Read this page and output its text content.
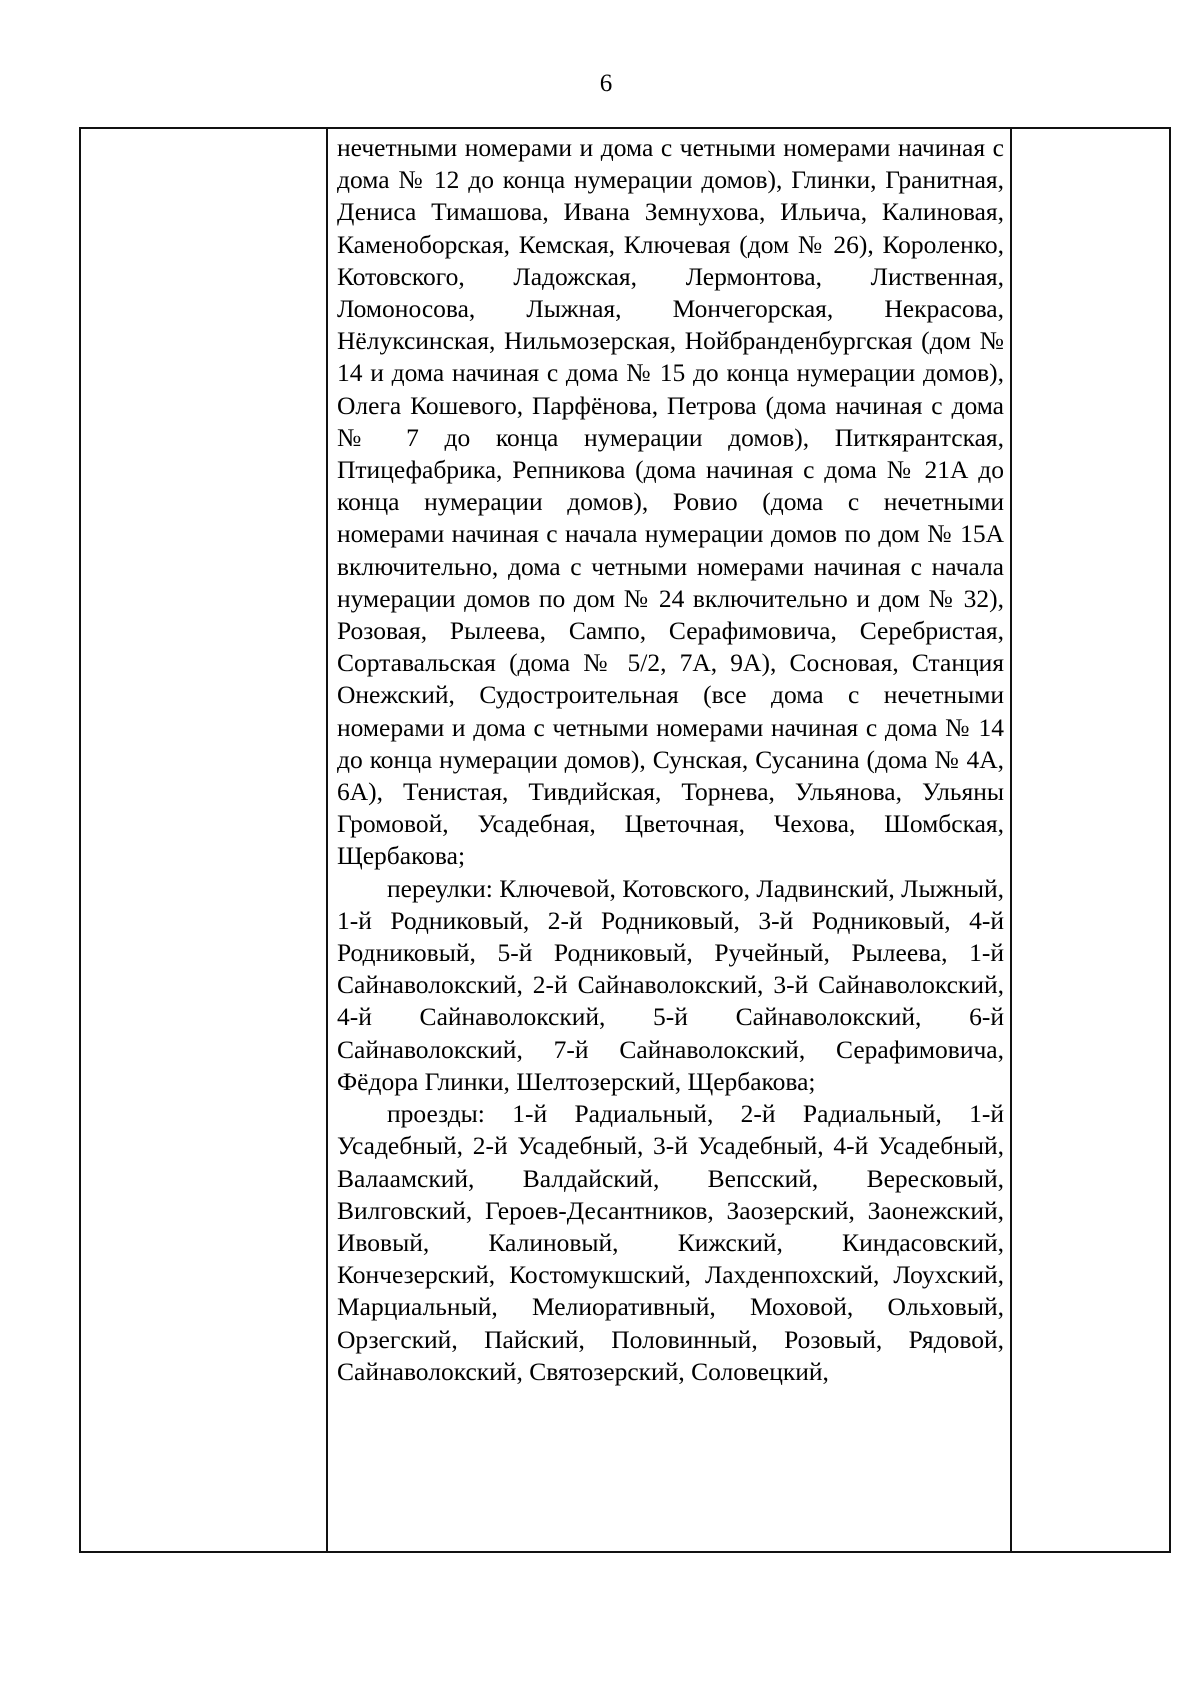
6

нечетными номерами и дома с четными номерами начиная с дома № 12 до конца нумерации домов), Глинки, Гранитная, Дениса Тимашова, Ивана Земнухова, Ильича, Калиновая, Каменоборская, Кемская, Ключевая (дом № 26), Короленко, Котовского, Ладожская, Лермонтова, Лиственная, Ломоносова, Лыжная, Мончегорская, Некрасова, Нёлуксинская, Нильмозерская, Нойбранденбургская (дом № 14 и дома начиная с дома № 15 до конца нумерации домов), Олега Кошевого, Парфёнова, Петрова (дома начиная с дома № 7 до конца нумерации домов), Питкярантская, Птицефабрика, Репникова (дома начиная с дома № 21А до конца нумерации домов), Ровио (дома с нечетными номерами начиная с начала нумерации домов по дом № 15А включительно, дома с четными номерами начиная с начала нумерации домов по дом № 24 включительно и дом № 32), Розовая, Рылеева, Сампо, Серафимовича, Серебристая, Сортавальская (дома № 5/2, 7А, 9А), Сосновая, Станция Онежский, Судостроительная (все дома с нечетными номерами и дома с четными номерами начиная с дома № 14 до конца нумерации домов), Сунская, Сусанина (дома № 4А, 6А), Тенистая, Тивдийская, Торнева, Ульянова, Ульяны Громовой, Усадебная, Цветочная, Чехова, Шомбская, Щербакова;

переулки: Ключевой, Котовского, Ладвинский, Лыжный, 1-й Родниковый, 2-й Родниковый, 3-й Родниковый, 4-й Родниковый, 5-й Родниковый, Ручейный, Рылеева, 1-й Сайнаволокский, 2-й Сайнаволокский, 3-й Сайнаволокский, 4-й Сайнаволокский, 5-й Сайнаволокский, 6-й Сайнаволокский, 7-й Сайнаволокский, Серафимовича, Фёдора Глинки, Шелтозерский, Щербакова;

проезды: 1-й Радиальный, 2-й Радиальный, 1-й Усадебный, 2-й Усадебный, 3-й Усадебный, 4-й Усадебный, Валаамский, Валдайский, Вепсский, Вересковый, Вилговский, Героев-Десантников, Заозерский, Заонежский, Ивовый, Калиновый, Кижский, Киндасовский, Кончезерский, Костомукшский, Лахденпохский, Лоухский, Марциальный, Мелиоративный, Моховой, Ольховый, Орзегский, Пайский, Половинный, Розовый, Рядовой, Сайнаволокский, Святозерский, Соловецкий,
